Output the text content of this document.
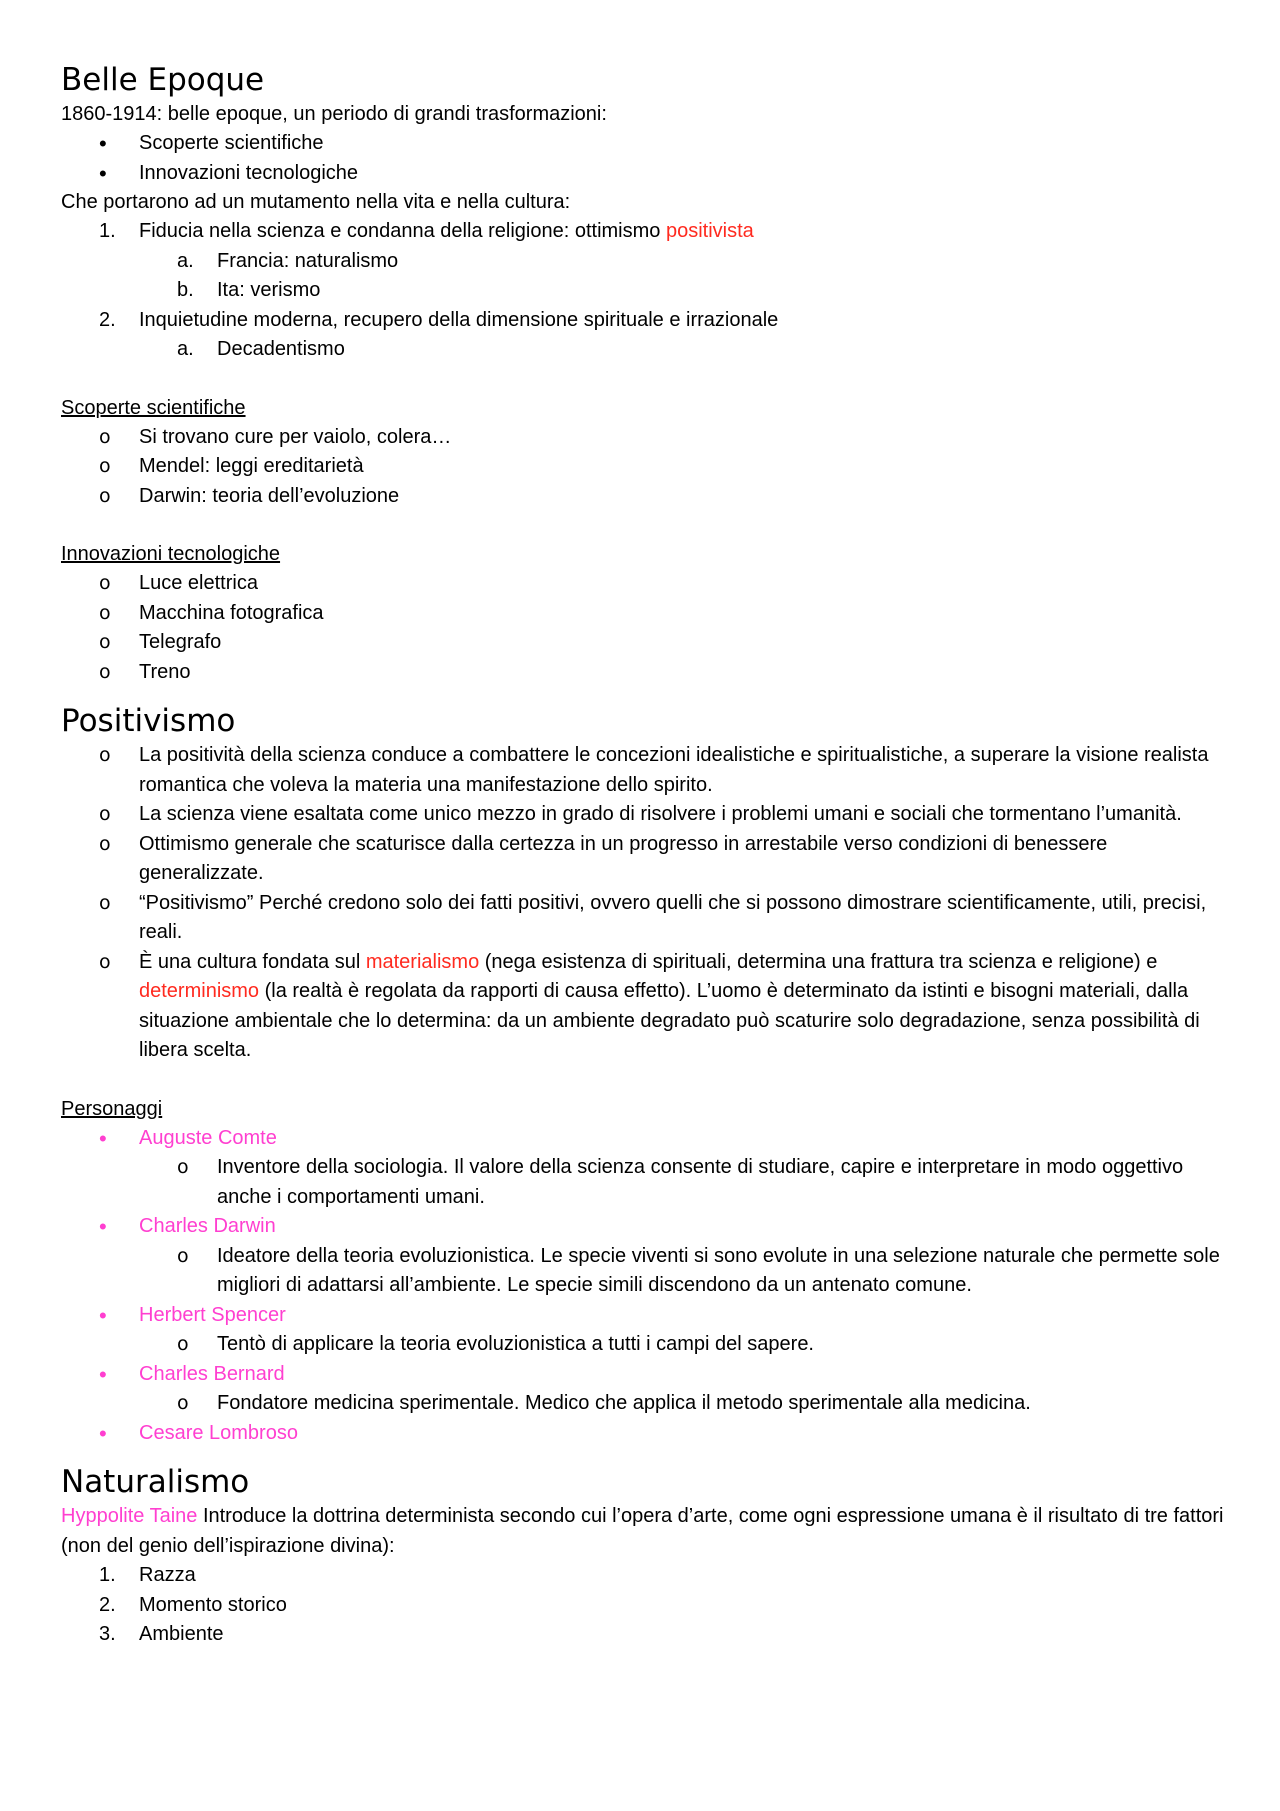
Belle Epoque

1860-1914: belle epoque, un periodo di grandi trasformazioni:

•	Scoperte scientifiche
•	Innovazioni tecnologiche

Che portarono ad un mutamento nella vita e nella cultura:

1.	Fiducia nella scienza e condanna della religione: ottimismo positivista
a.	Francia: naturalismo
b.	Ita: verismo
2.	Inquietudine moderna, recupero della dimensione spirituale e irrazionale
a.	Decadentismo

Scoperte scientifiche

o	Si trovano cure per vaiolo, colera…
o	Mendel: leggi ereditarietà
o	Darwin: teoria dell’evoluzione

Innovazioni tecnologiche

o	Luce elettrica
o	Macchina fotografica
o	Telegrafo
o	Treno
Positivismo
o	La positività della scienza conduce a combattere le concezioni idealistiche e spiritualistiche, a superare la visione realista romantica che voleva la materia una manifestazione dello spirito.
o	La scienza viene esaltata come unico mezzo in grado di risolvere i problemi umani e sociali che tormentano l’umanità.
o	Ottimismo generale che scaturisce dalla certezza in un progresso in arrestabile verso condizioni di benessere generalizzate.
o	“Positivismo” Perché credono solo dei fatti positivi, ovvero quelli che si possono dimostrare scientificamente, utili, precisi, reali.
o	È una cultura fondata sul materialismo (nega esistenza di spirituali, determina una frattura tra scienza e religione) e determinismo (la realtà è regolata da rapporti di causa effetto). L’uomo è determinato da istinti e bisogni materiali, dalla situazione ambientale che lo determina: da un ambiente degradato può scaturire solo degradazione, senza possibilità di libera scelta.

Personaggi

•	Auguste Comte
o	Inventore della sociologia. Il valore della scienza consente di studiare, capire e interpretare in modo oggettivo anche i comportamenti umani.
•	Charles Darwin
o	Ideatore della teoria evoluzionistica. Le specie viventi si sono evolute in una selezione naturale che permette sole migliori di adattarsi all’ambiente. Le specie simili discendono da un antenato comune.
•	Herbert Spencer
o	Tentò di applicare la teoria evoluzionistica a tutti i campi del sapere.
•	Charles Bernard
o	Fondatore medicina sperimentale. Medico che applica il metodo sperimentale alla medicina.
•	Cesare Lombroso
Naturalismo

Hyppolite Taine Introduce la dottrina determinista secondo cui l’opera d’arte, come ogni espressione umana è il risultato di tre fattori (non del genio dell’ispirazione divina):

1.	Razza
2.	Momento storico
3.	Ambiente
